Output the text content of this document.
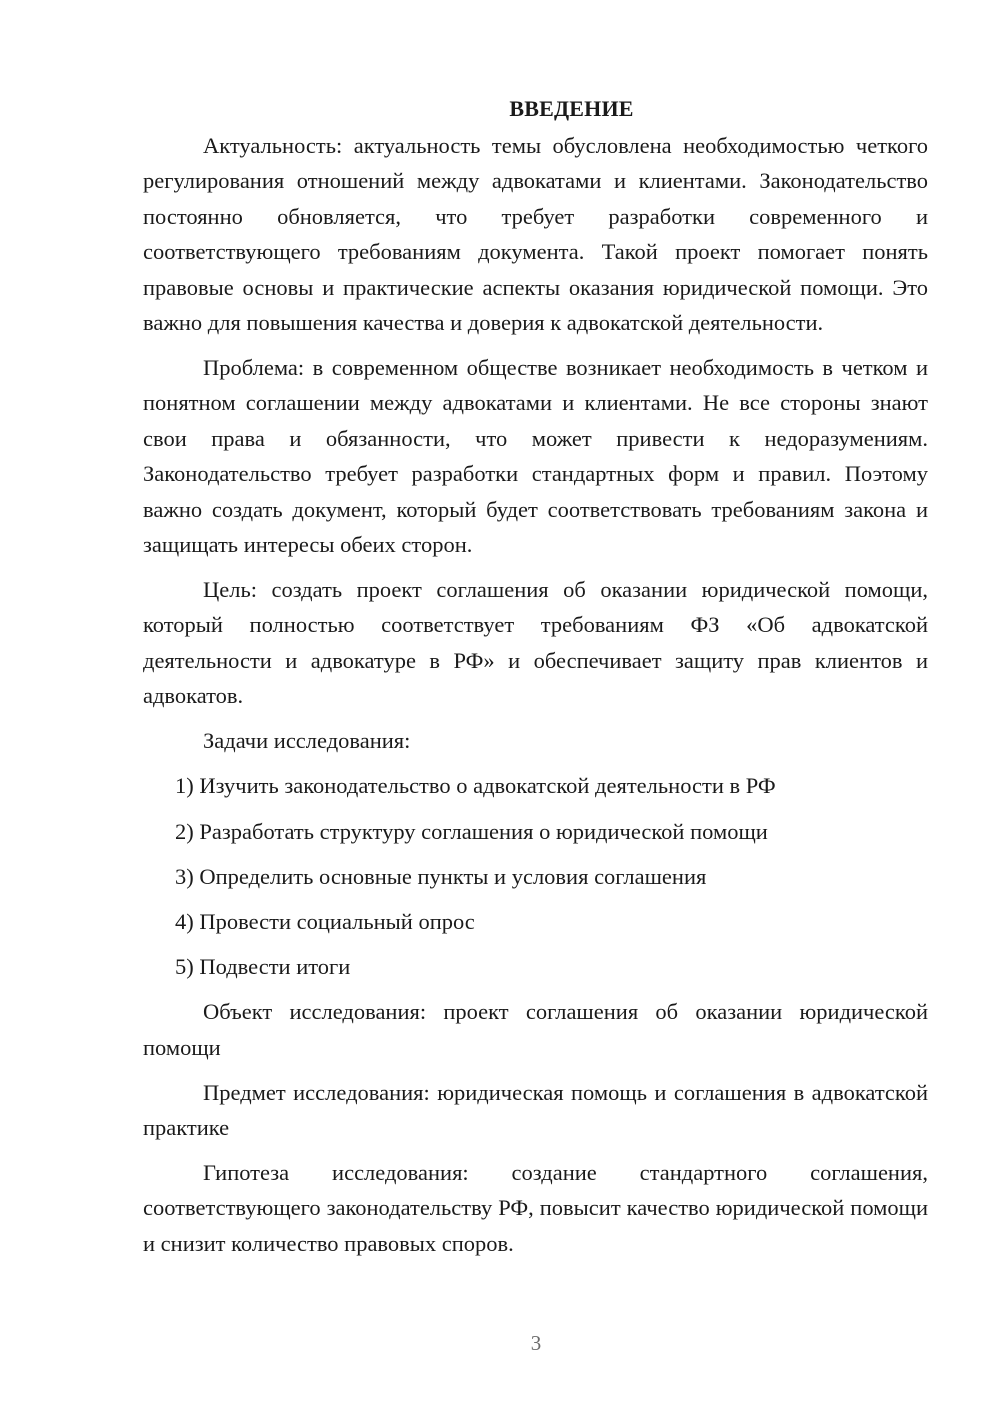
ВВЕДЕНИЕ

Актуальность: актуальность темы обусловлена необходимостью четкого регулирования отношений между адвокатами и клиентами. Законодательство постоянно обновляется, что требует разработки современного и соответствующего требованиям документа. Такой проект помогает понять правовые основы и практические аспекты оказания юридической помощи. Это важно для повышения качества и доверия к адвокатской деятельности.

Проблема: в современном обществе возникает необходимость в четком и понятном соглашении между адвокатами и клиентами. Не все стороны знают свои права и обязанности, что может привести к недоразумениям. Законодательство требует разработки стандартных форм и правил. Поэтому важно создать документ, который будет соответствовать требованиям закона и защищать интересы обеих сторон.

Цель: создать проект соглашения об оказании юридической помощи, который полностью соответствует требованиям ФЗ «Об адвокатской деятельности и адвокатуре в РФ» и обеспечивает защиту прав клиентов и адвокатов.

Задачи исследования:

1) Изучить законодательство о адвокатской деятельности в РФ
2) Разработать структуру соглашения о юридической помощи
3) Определить основные пункты и условия соглашения
4) Провести социальный опрос
5) Подвести итоги

Объект исследования: проект соглашения об оказании юридической помощи

Предмет исследования: юридическая помощь и соглашения в адвокатской практике

Гипотеза исследования: создание стандартного соглашения, соответствующего законодательству РФ, повысит качество юридической помощи и снизит количество правовых споров.

3
